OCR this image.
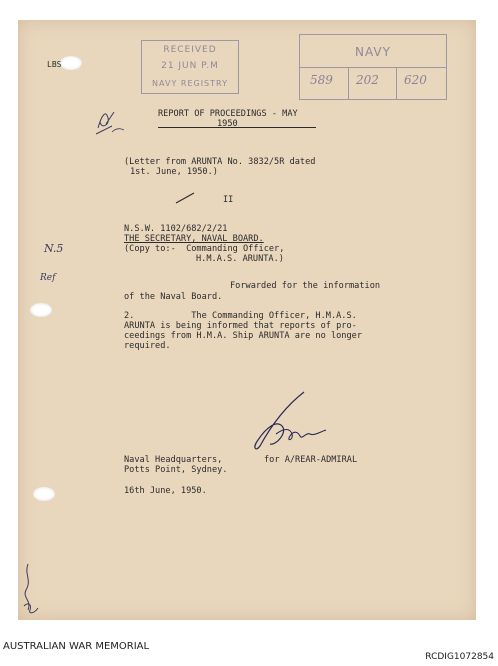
LBS
RECEIVED
21 JUN P.M
NAVY REGISTRY
NAVY
589 202 620
REPORT OF PROCEEDINGS - MAY
1950
(Letter from ARUNTA No. 3832/5R dated
1st. June, 1950.)
II
N.S.W. 1102/682/2/21
THE SECRETARY, NAVAL BOARD.
(Copy to:-  Commanding Officer,
H.M.A.S. ARUNTA.)
N.5
Ref
Forwarded for the information
of the Naval Board.
2.           The Commanding Officer, H.M.A.S.
ARUNTA is being informed that reports of pro-
ceedings from H.M.A. Ship ARUNTA are no longer
required.
Naval Headquarters,	for A/REAR-ADMIRAL
Potts Point, Sydney.
16th June, 1950.
AUSTRALIAN WAR MEMORIAL
RCDIG1072854
